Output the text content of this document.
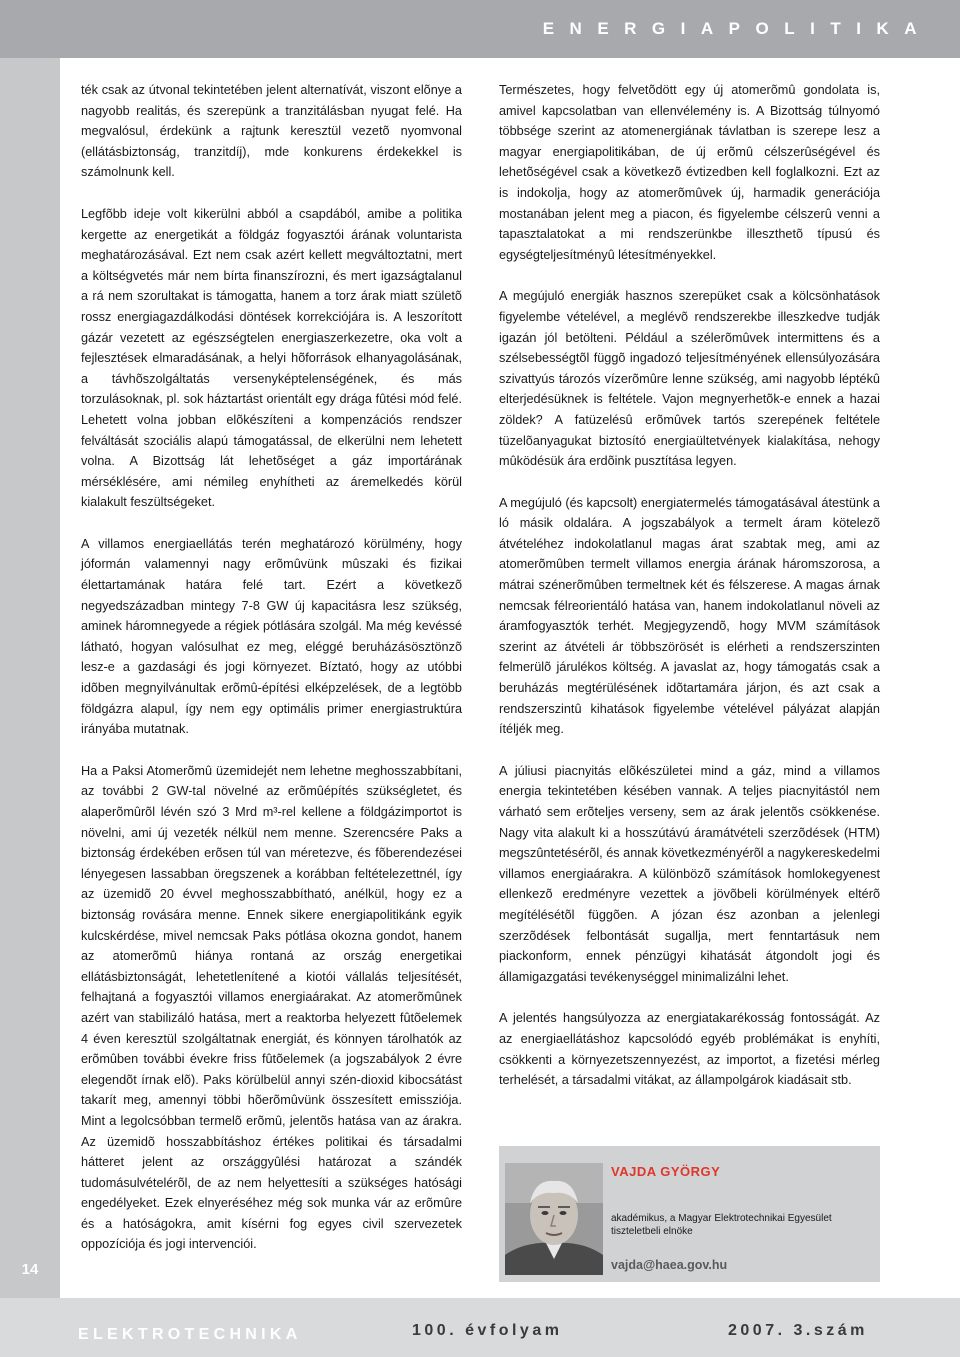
ENERGIAPOLITIKA
14

ték csak az útvonal tekintetében jelent alternatívát, viszont elõnye a nagyobb realitás, és szerepünk a tranzitálásban nyugat felé. Ha megvalósul, érdekünk a rajtunk keresztül vezetõ nyomvonal (ellátásbiztonság, tranzitdíj), mde konkurens érdekekkel is számolnunk kell.

Legfõbb ideje volt kikerülni abból a csapdából, amibe a politika kergette az energetikát a földgáz fogyasztói árának voluntarista meghatározásával. Ezt nem csak azért kellett megváltoztatni, mert a költségvetés már nem bírta finanszírozni, és mert igazságtalanul a rá nem szorultakat is támogatta, hanem a torz árak miatt születõ rossz energiagazdálkodási döntések korrekciójára is. A leszorított gázár vezetett az egészségtelen energiaszerkezetre, oka volt a fejlesztések elmaradásának, a helyi hõforrások elhanyagolásának, a távhõszolgáltatás versenyképtelenségének, és más torzulásoknak, pl. sok háztartást orientált egy drága fûtési mód felé. Lehetett volna jobban elõkészíteni a kompenzációs rendszer felváltását szociális alapú támogatással, de elkerülni nem lehetett volna. A Bizottság lát lehetõséget a gáz importárának mérséklésére, ami némileg enyhítheti az áremelkedés körül kialakult feszültségeket.

A villamos energiaellátás terén meghatározó körülmény, hogy jóformán valamennyi nagy erõmûvünk mûszaki és fizikai élettartamának határa felé tart. Ezért a következõ negyedszázadban mintegy 7-8 GW új kapacitásra lesz szükség, aminek háromnegyede a régiek pótlására szolgál. Ma még kevéssé látható, hogyan valósulhat ez meg, eléggé beruházásösztönzõ lesz-e a gazdasági és jogi környezet. Bíztató, hogy az utóbbi idõben megnyilvánultak erõmû-építési elképzelések, de a legtöbb földgázra alapul, így nem egy optimális primer energiastruktúra irányába mutatnak.

Ha a Paksi Atomerõmû üzemidejét nem lehetne meghosszabbítani, az további 2 GW-tal növelné az erõmûépítés szükségletet, és alaperõmûrõl lévén szó 3 Mrd m³-rel kellene a földgázimportot is növelni, ami új vezeték nélkül nem menne. Szerencsére Paks a biztonság érdekében erõsen túl van méretezve, és fõberendezései lényegesen lassabban öregszenek a korábban feltételezettnél, így az üzemidõ 20 évvel meghosszabbítható, anélkül, hogy ez a biztonság rovására menne. Ennek sikere energiapolitikánk egyik kulcskérdése, mivel nemcsak Paks pótlása okozna gondot, hanem az atomerõmû hiánya rontaná az ország energetikai ellátásbiztonságát, lehetetlenítené a kiotói vállalás teljesítését, felhajtaná a fogyasztói villamos energiaárakat. Az atomerõmûnek azért van stabilizáló hatása, mert a reaktorba helyezett fûtõelemek 4 éven keresztül szolgáltatnak energiát, és könnyen tárolhatók az erõmûben további évekre friss fûtõelemek (a jogszabályok 2 évre elegendõt írnak elõ). Paks körülbelül annyi szén-dioxid kibocsátást takarít meg, amennyi többi hõerõmûvünk összesített emissziója. Mint a legolcsóbban termelõ erõmû, jelentõs hatása van az árakra. Az üzemidõ hosszabbításhoz értékes politikai és társadalmi hátteret jelent az országgyûlési határozat a szándék tudomásulvételérõl, de az nem helyettesíti a szükséges hatósági engedélyeket. Ezek elnyeréséhez még sok munka vár az erõmûre és a hatóságokra, amit kísérni fog egyes civil szervezetek oppozíciója és jogi intervenciói.

Természetes, hogy felvetõdött egy új atomerõmû gondolata is, amivel kapcsolatban van ellenvélemény is. A Bizottság túlnyomó többsége szerint az atomenergiának távlatban is szerepe lesz a magyar energiapolitikában, de új erõmû célszerûségével és lehetõségével csak a következõ évtizedben kell foglalkozni. Ezt az is indokolja, hogy az atomerõmûvek új, harmadik generációja mostanában jelent meg a piacon, és figyelembe célszerû venni a tapasztalatokat a mi rendszerünkbe illeszthetõ típusú és egységteljesítményû létesítményekkel.

A megújuló energiák hasznos szerepüket csak a kölcsönhatások figyelembe vételével, a meglévõ rendszerekbe illeszkedve tudják igazán jól betölteni. Például a szélerõmûvek intermittens és a szélsebességtõl függõ ingadozó teljesítményének ellensúlyozására szivattyús tározós vízerõmûre lenne szükség, ami nagyobb léptékû elterjedésüknek is feltétele. Vajon megnyerhetõk-e ennek a hazai zöldek? A fatüzelésû erõmûvek tartós szerepének feltétele tüzelõanyagukat biztosító energiaültetvények kialakítása, nehogy mûködésük ára erdõink pusztítása legyen.

A megújuló (és kapcsolt) energiatermelés támogatásával átestünk a ló másik oldalára. A jogszabályok a termelt áram kötelezõ átvételéhez indokolatlanul magas árat szabtak meg, ami az atomerõmûben termelt villamos energia árának háromszorosa, a mátrai szénerõmûben termeltnek két és félszerese. A magas árnak nemcsak félreorientáló hatása van, hanem indokolatlanul növeli az áramfogyasztók terhét. Megjegyzendõ, hogy MVM számítások szerint az átvételi ár többszörösét is elérheti a rendszerszinten felmerülõ járulékos költség. A javaslat az, hogy támogatás csak a beruházás megtérülésének idõtartamára járjon, és azt csak a rendszerszintû kihatások figyelembe vételével pályázat alapján ítéljék meg.

A júliusi piacnyitás elõkészületei mind a gáz, mind a villamos energia tekintetében késében vannak. A teljes piacnyitástól nem várható sem erõteljes verseny, sem az árak jelentõs csökkenése. Nagy vita alakult ki a hosszútávú áramátvételi szerzõdések (HTM) megszûntetésérõl, és annak következményérõl a nagykereskedelmi villamos energiaárakra. A különbözõ számítások homlokegyenest ellenkezõ eredményre vezettek a jövõbeli körülmények eltérõ megítélésétõl függõen. A józan ész azonban a jelenlegi szerzõdések felbontását sugallja, mert fenntartásuk nem piackonform, ennek pénzügyi kihatását átgondolt jogi és államigazgatási tevékenységgel minimalizálni lehet.

A jelentés hangsúlyozza az energiatakarékosság fontosságát. Az az energiaellátáshoz kapcsolódó egyéb problémákat is enyhíti, csökkenti a környezetszennyezést, az importot, a fizetési mérleg terhelését, a társadalmi vitákat, az állampolgárok kiadásait stb.

VAJDA GYÖRGY
akadémikus, a Magyar Elektrotechnikai Egyesület tiszteletbeli elnöke
vajda@haea.gov.hu
ELEKTROTECHNIKA	100. évfolyam	2007. 3.szám
